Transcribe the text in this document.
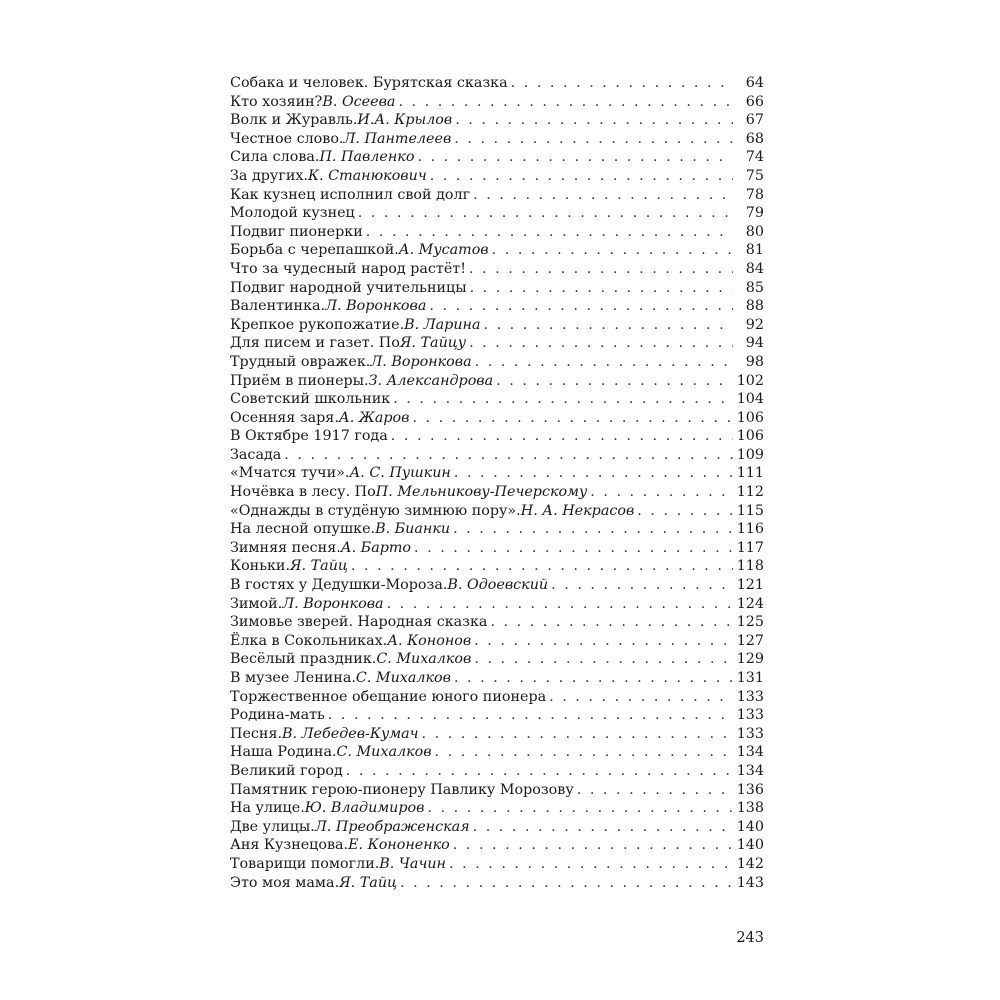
Собака и человек. Бурятская сказка . . .	64
Кто хозяин? В. Осеева . . .	66
Волк и Журавль. И.А. Крылов . . .	67
Честное слово. Л. Пантелеев . . .	68
Сила слова. П. Павленко . . .	74
За других. К. Станюкович . . .	75
Как кузнец исполнил свой долг . . .	78
Молодой кузнец . . .	79
Подвиг пионерки . . .	80
Борьба с черепашкой. А. Мусатов . . .	81
Что за чудесный народ растёт! . . .	84
Подвиг народной учительницы . . .	85
Валентинка. Л. Воронкова . . .	88
Крепкое рукопожатие. В. Ларина . . .	92
Для писем и газет. По Я. Тайцу . . .	94
Трудный овражек. Л. Воронкова . . .	98
Приём в пионеры. З. Александрова . . .	102
Советский школьник . . .	104
Осенняя заря. А. Жаров . . .	106
В Октябре 1917 года . . .	106
Засада . . .	109
«Мчатся тучи». А. С. Пушкин . . .	111
Ночёвка в лесу. По П. Мельникову-Печерскому . . .	112
«Однажды в студёную зимнюю пору». Н. А. Некрасов . . .	115
На лесной опушке. В. Бианки . . .	116
Зимняя песня. А. Барто . . .	117
Коньки. Я. Тайц . . .	118
В гостях у Дедушки-Мороза. В. Одоевский . . .	121
Зимой. Л. Воронкова . . .	124
Зимовье зверей. Народная сказка . . .	125
Ёлка в Сокольниках. А. Кононов . . .	127
Весёлый праздник. С. Михалков . . .	129
В музее Ленина. С. Михалков . . .	131
Торжественное обещание юного пионера . . .	133
Родина-мать . . .	133
Песня. В. Лебедев-Кумач . . .	133
Наша Родина. С. Михалков . . .	134
Великий город . . .	134
Памятник герою-пионеру Павлику Морозову . . .	136
На улице. Ю. Владимиров . . .	138
Две улицы. Л. Преображенская . . .	140
Аня Кузнецова. Е. Кононенко . . .	140
Товарищи помогли. В. Чачин . . .	142
Это моя мама. Я. Тайц . . .	143
243
